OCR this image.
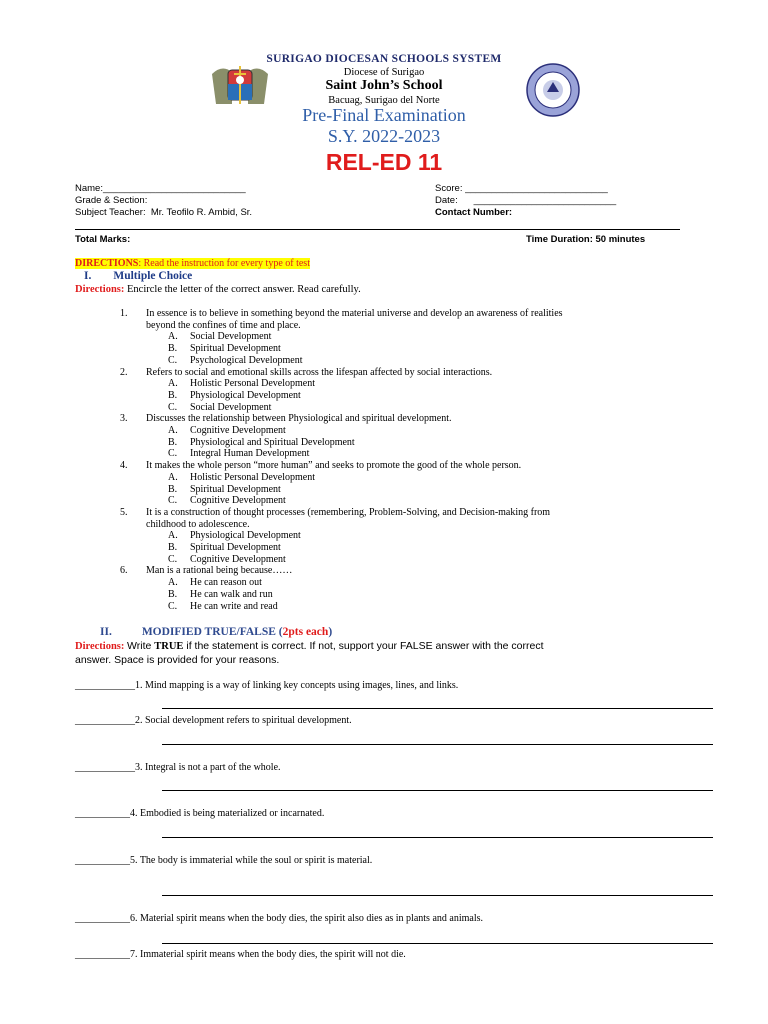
SURIGAO DIOCESAN SCHOOLS SYSTEM
Diocese of Surigao
Saint John’s School
Bacuag, Surigao del Norte
Pre-Final Examination
S.Y. 2022-2023
REL-ED 11
Name:___________________________
Grade & Section:
Subject Teacher: Mr. Teofilo R. Ambid, Sr.
Score: ___________________________
Date: ___________________________
Contact Number:
Total Marks:	Time Duration: 50 minutes
DIRECTIONS: Read the instruction for every type of test
I. Multiple Choice
Directions: Encircle the letter of the correct answer. Read carefully.
1. In essence is to believe in something beyond the material universe and develop an awareness of realities
beyond the confines of time and place.
A. Social Development
B. Spiritual Development
C. Psychological Development
2. Refers to social and emotional skills across the lifespan affected by social interactions.
A. Holistic Personal Development
B. Physiological Development
C. Social Development
3. Discusses the relationship between Physiological and spiritual development.
A. Cognitive Development
B. Physiological and Spiritual Development
C. Integral Human Development
4. It makes the whole person “more human” and seeks to promote the good of the whole person.
A. Holistic Personal Development
B. Spiritual Development
C. Cognitive Development
5. It is a construction of thought processes (remembering, Problem-Solving, and Decision-making from
childhood to adolescence.
A. Physiological Development
B. Spiritual Development
C. Cognitive Development
6. Man is a rational being because……
A. He can reason out
B. He can walk and run
C. He can write and read
II.	MODIFIED TRUE/FALSE (2pts each)
Directions: Write TRUE if the statement is correct. If not, support your FALSE answer with the correct
answer. Space is provided for your reasons.
____________1. Mind mapping is a way of linking key concepts using images, lines, and links.
____________2. Social development refers to spiritual development.
____________3. Integral is not a part of the whole.
___________4. Embodied is being materialized or incarnated.
___________5. The body is immaterial while the soul or spirit is material.
___________6. Material spirit means when the body dies, the spirit also dies as in plants and animals.
___________7. Immaterial spirit means when the body dies, the spirit will not die.
